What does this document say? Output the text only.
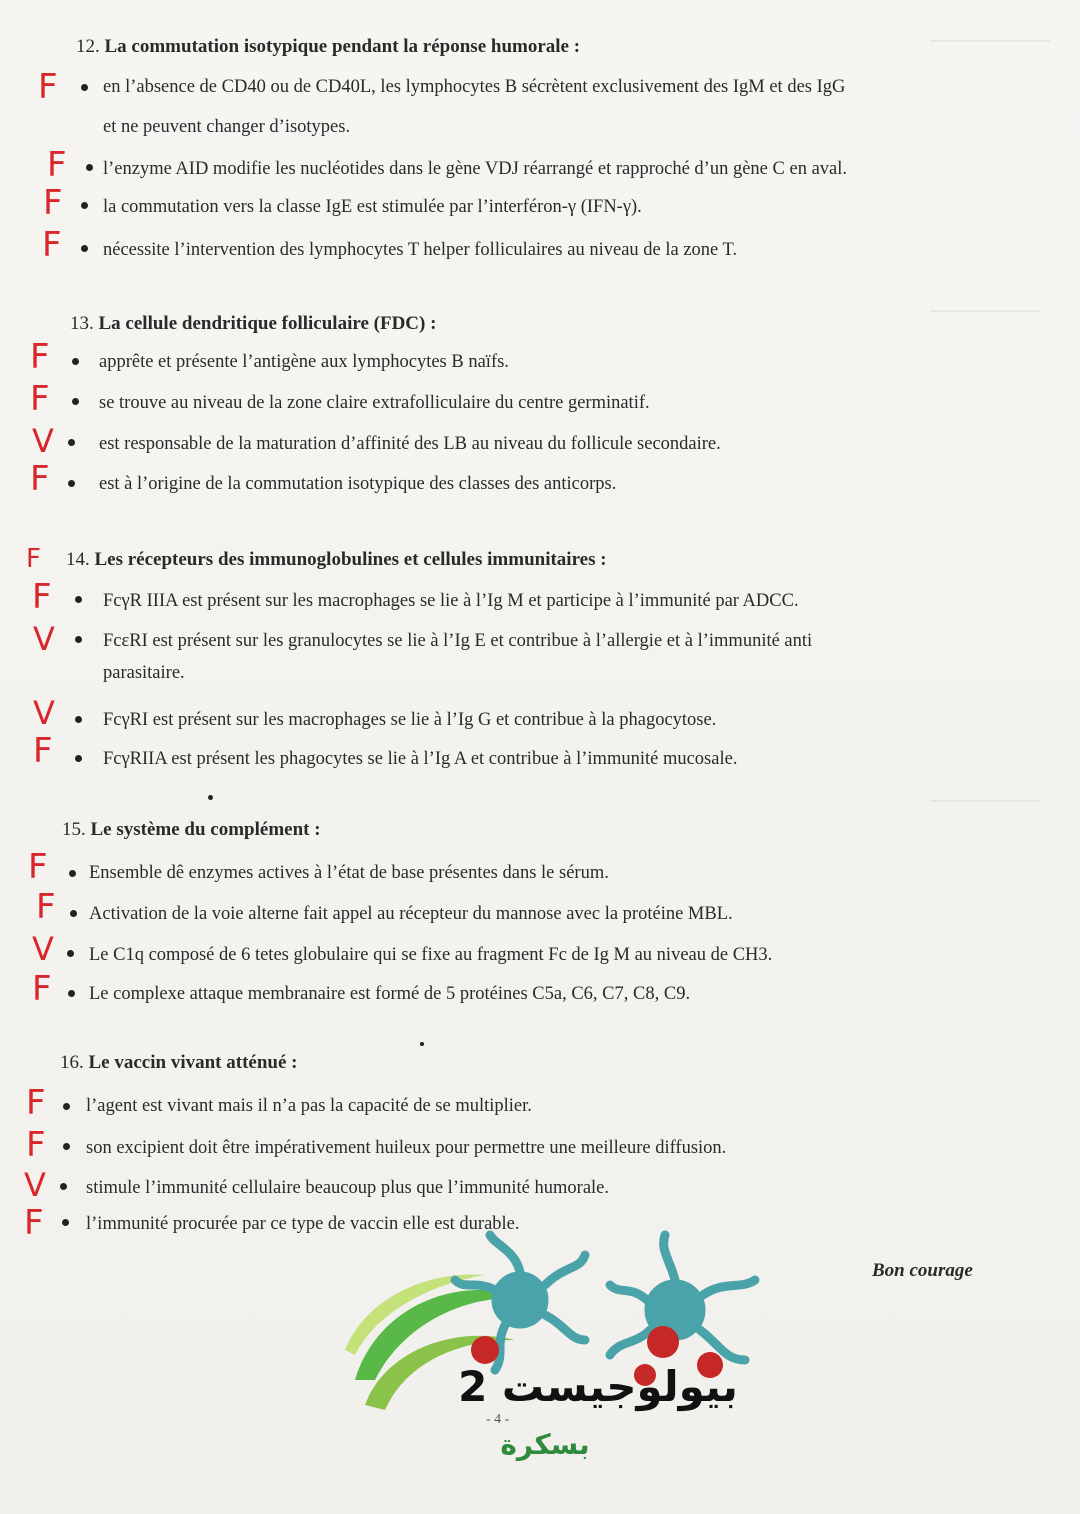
12. La commutation isotypique pendant la réponse humorale :
F en l’absence de CD40 ou de CD40L, les lymphocytes B sécrètent exclusivement des IgM et des IgG
et ne peuvent changer d’isotypes.
F l’enzyme AID modifie les nucléotides dans le gène VDJ réarrangé et rapproché d’un gène C en aval.
F la commutation vers la classe IgE est stimulée par l’interféron-γ (IFN-γ).
F nécessite l’intervention des lymphocytes T helper folliculaires au niveau de la zone T.
13. La cellule dendritique folliculaire (FDC) :
F	apprête et présente l’antigène aux lymphocytes B naïfs.
F	se trouve au niveau de la zone claire extrafolliculaire du centre germinatif.
V est responsable de la maturation d’affinité des LB au niveau du follicule secondaire.
F	est à l’origine de la commutation isotypique des classes des anticorps.
F 14. Les récepteurs des immunoglobulines et cellules immunitaires :
F	FcγR IIIA est présent sur les macrophages se lie à l’Ig M et participe à l’immunité par ADCC.
V	FcεRI est présent sur les granulocytes se lie à l’Ig E et contribue à l’allergie et à l’immunité anti
parasitaire.
V	FcγRI est présent sur les macrophages se lie à l’Ig G et contribue à la phagocytose.
F	FcγRIIA est présent les phagocytes se lie à l’Ig A et contribue à l’immunité mucosale.
15. Le système du complément :
F Ensemble dê enzymes actives à l’état de base présentes dans le sérum.
F Activation de la voie alterne fait appel au récepteur du mannose avec la protéine MBL.
V Le C1q composé de 6 tetes globulaire qui se fixe au fragment Fc de Ig M au niveau de CH3.
F Le complexe attaque membranaire est formé de 5 protéines C5a, C6, C7, C8, C9.
16. Le vaccin vivant atténué :
F l’agent est vivant mais il n’a pas la capacité de se multiplier.
F son excipient doit être impérativement huileux pour permettre une meilleure diffusion.
V stimule l’immunité cellulaire beaucoup plus que l’immunité humorale.
F l’immunité procurée par ce type de vaccin elle est durable.
Bon courage
بيولوجيست 2
- 4 -
بسكرة
